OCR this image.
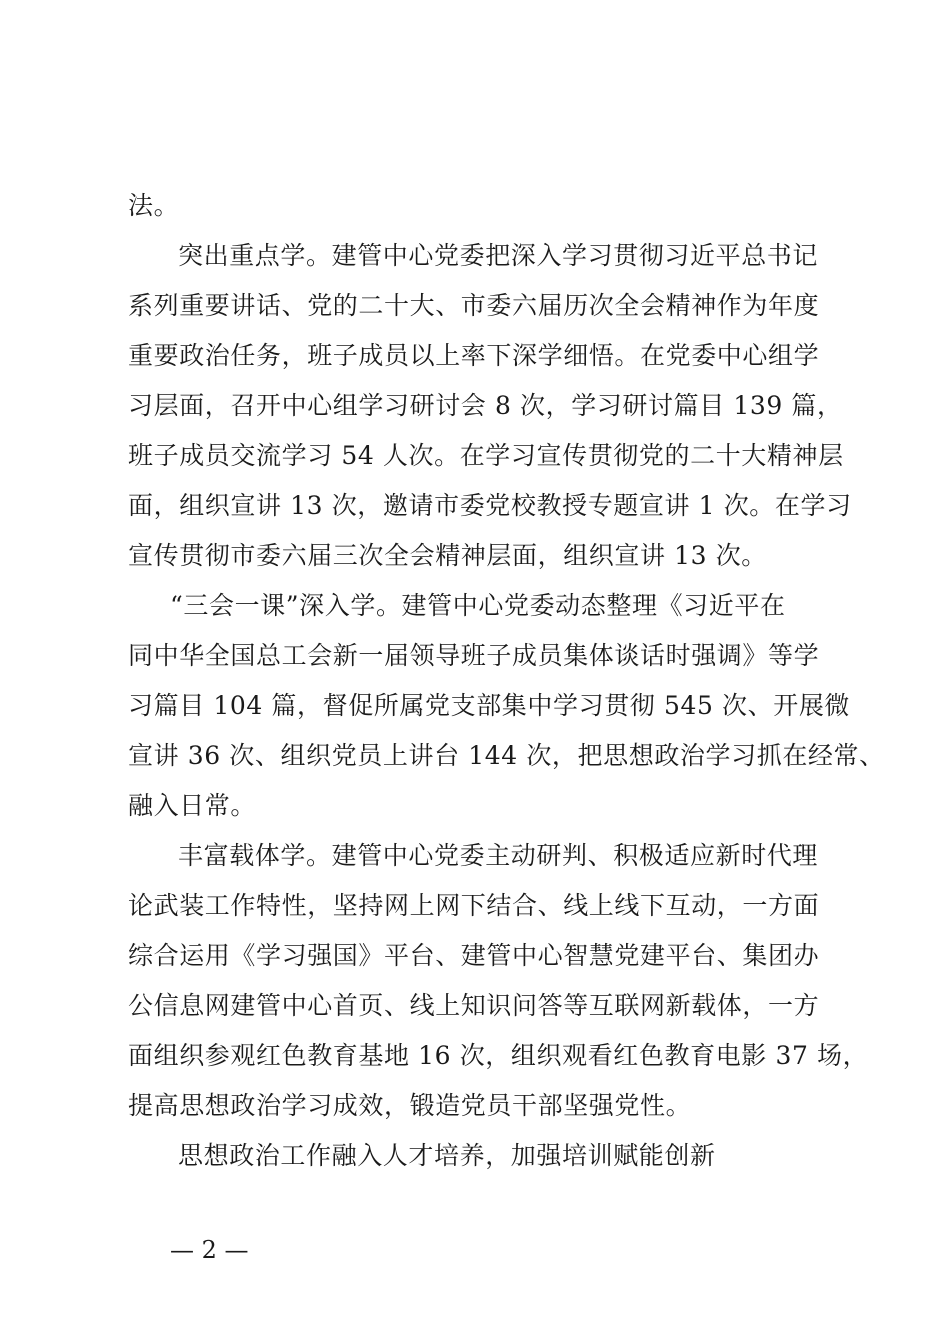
法。
突出重点学。建管中心党委把深入学习贯彻习近平总书记
系列重要讲话、党的二十大、市委六届历次全会精神作为年度
重要政治任务，班子成员以上率下深学细悟。在党委中心组学
习层面，召开中心组学习研讨会 8 次，学习研讨篇目 139 篇，
班子成员交流学习 54 人次。在学习宣传贯彻党的二十大精神层
面，组织宣讲 13 次，邀请市委党校教授专题宣讲 1 次。在学习
宣传贯彻市委六届三次全会精神层面，组织宣讲 13 次。
“三会一课”深入学。建管中心党委动态整理《习近平在
同中华全国总工会新一届领导班子成员集体谈话时强调》等学
习篇目 104 篇，督促所属党支部集中学习贯彻 545 次、开展微
宣讲 36 次、组织党员上讲台 144 次，把思想政治学习抓在经常、
融入日常。
丰富载体学。建管中心党委主动研判、积极适应新时代理
论武装工作特性，坚持网上网下结合、线上线下互动，一方面
综合运用《学习强国》平台、建管中心智慧党建平台、集团办
公信息网建管中心首页、线上知识问答等互联网新载体，一方
面组织参观红色教育基地 16 次，组织观看红色教育电影 37 场，
提高思想政治学习成效，锻造党员干部坚强党性。
思想政治工作融入人才培养，加强培训赋能创新
— 2 —
